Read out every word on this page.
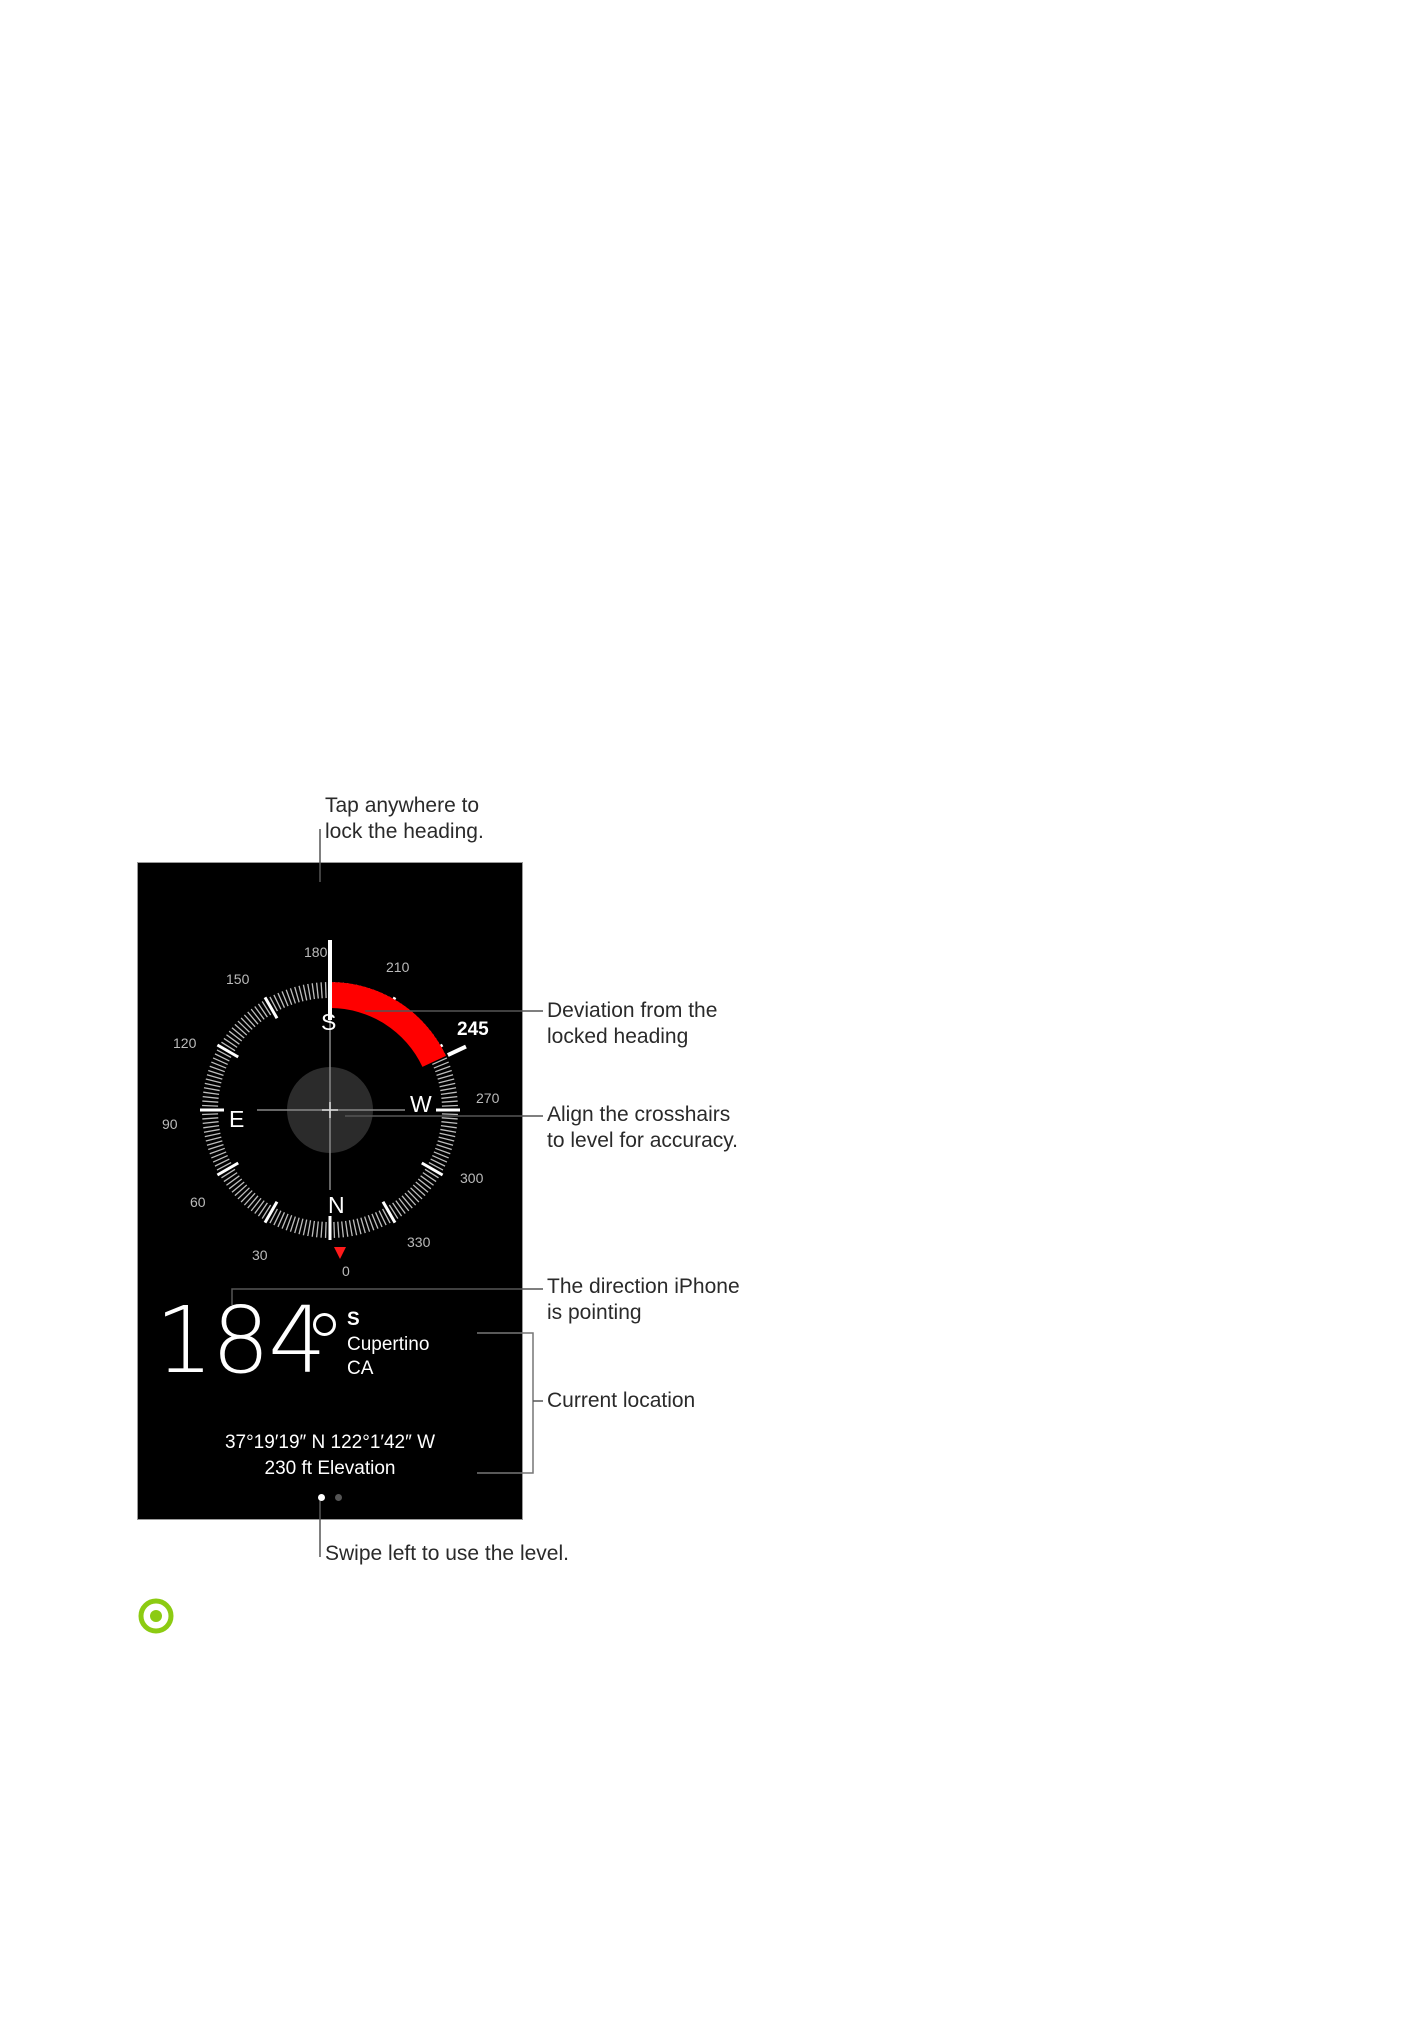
Tap anywhere to
lock the heading.
Deviation from the
locked heading
Align the crosshairs
to level for accuracy.
The direction iPhone
is pointing
Current location
Swipe left to use the level.
S
W
N
E
0
30
60
90
120
150
180
210
270
300
330
245
184 S
Cupertino
CA
37°19′19″ N 122°1′42″ W
230 ft Elevation
